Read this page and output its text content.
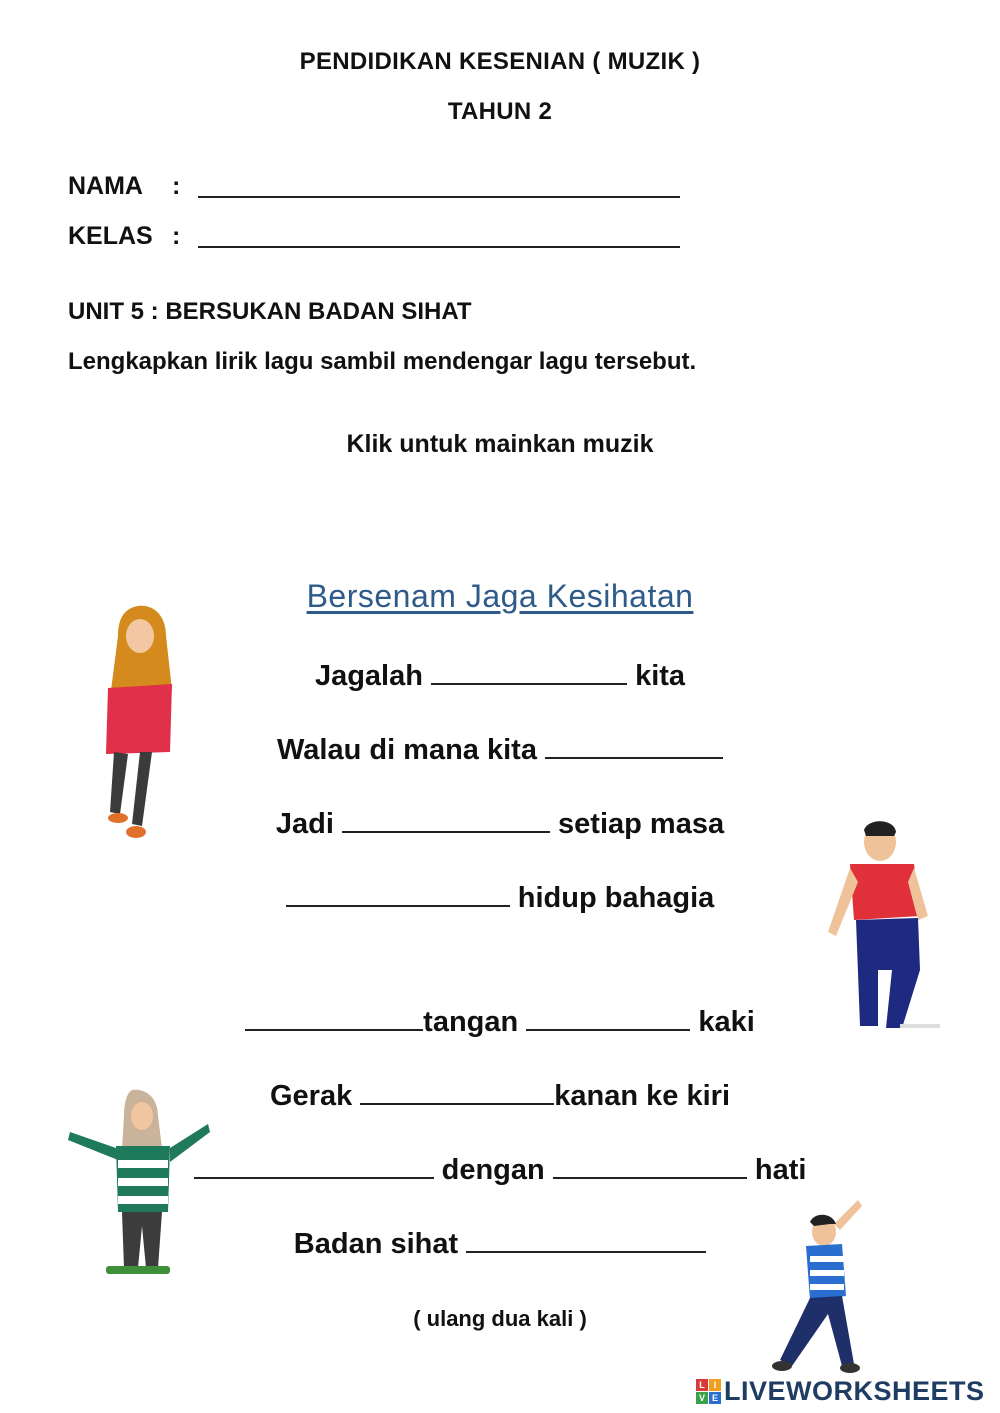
PENDIDIKAN KESENIAN ( MUZIK )
TAHUN 2
NAMA :
KELAS :
UNIT 5 : BERSUKAN BADAN SIHAT
Lengkapkan lirik lagu sambil mendengar lagu tersebut.
Klik untuk mainkan muzik
Bersenam Jaga Kesihatan
Jagalah	kita
Walau di mana kita
Jadi	setiap masa
hidup bahagia
tangan	kaki
Gerak	kanan ke kiri
dengan	hati
Badan sihat
( ulang dua kali )
L I
V E LIVEWORKSHEETS
